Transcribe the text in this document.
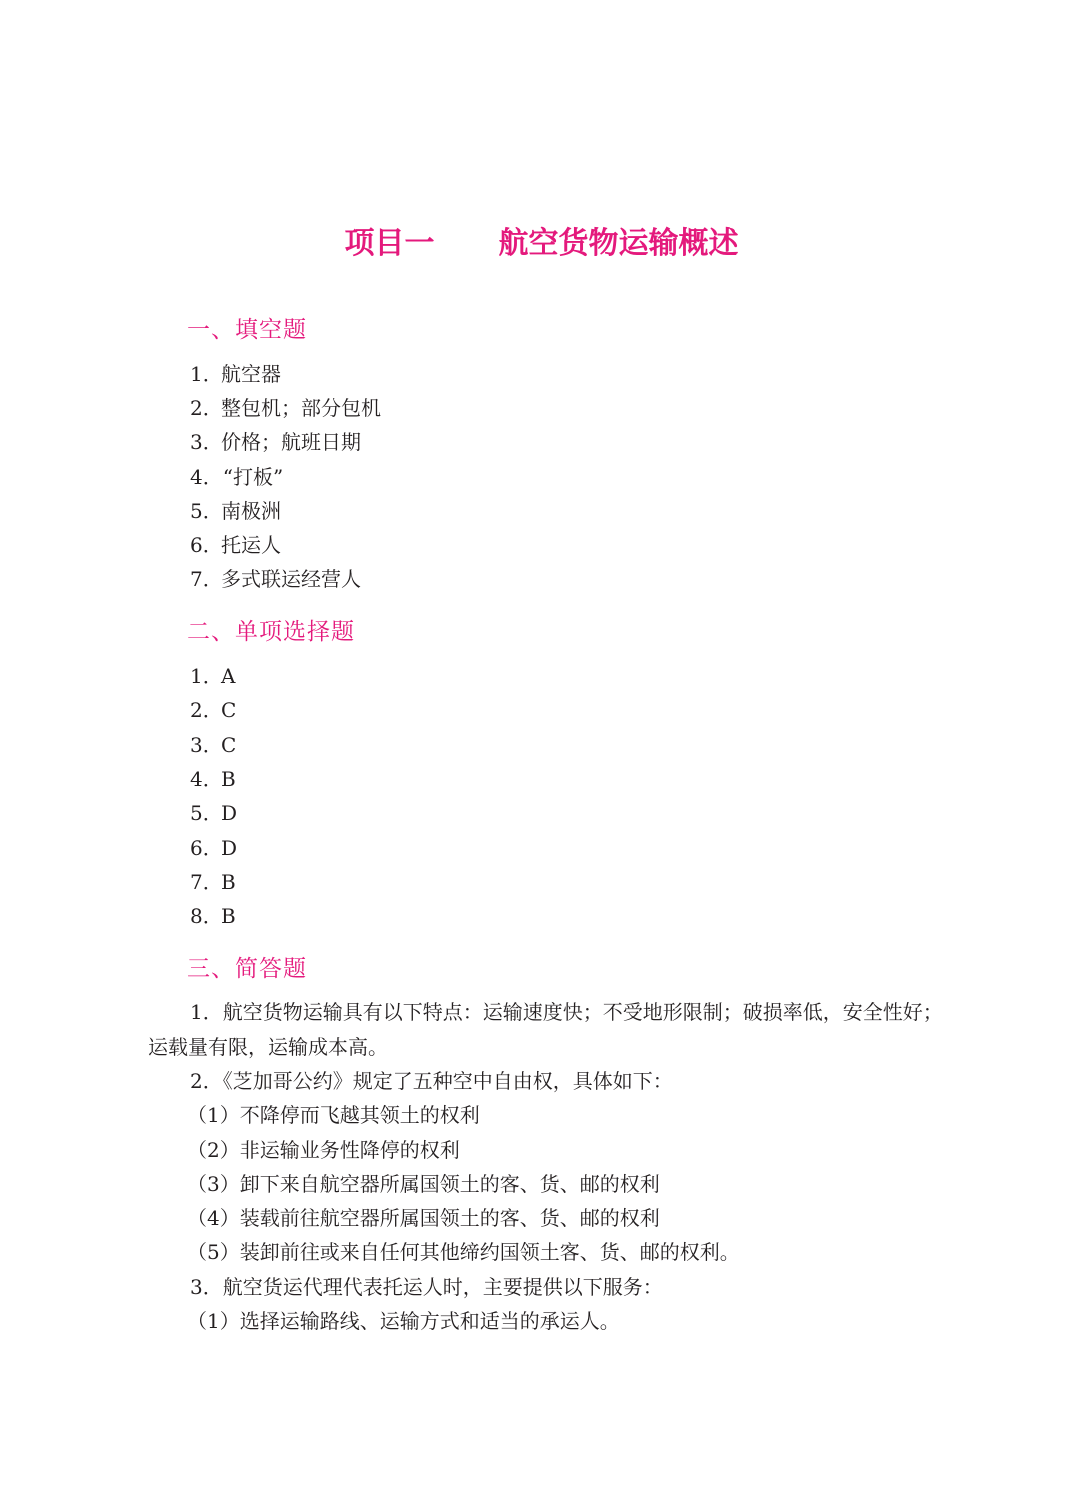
项目一 航空货物运输概述
一、填空题
1．航空器
2．整包机；部分包机
3．价格；航班日期
4．“打板”
5．南极洲
6．托运人
7．多式联运经营人
二、单项选择题
1．A
2．C
3．C
4．B
5．D
6．D
7．B
8．B
三、简答题
1．航空货物运输具有以下特点：运输速度快；不受地形限制；破损率低，安全性好；
运载量有限，运输成本高。
2．《芝加哥公约》规定了五种空中自由权，具体如下：
（1）不降停而飞越其领土的权利
（2）非运输业务性降停的权利
（3）卸下来自航空器所属国领土的客、货、邮的权利
（4）装载前往航空器所属国领土的客、货、邮的权利
（5）装卸前往或来自任何其他缔约国领土客、货、邮的权利。
3．航空货运代理代表托运人时，主要提供以下服务：
（1）选择运输路线、运输方式和适当的承运人。
